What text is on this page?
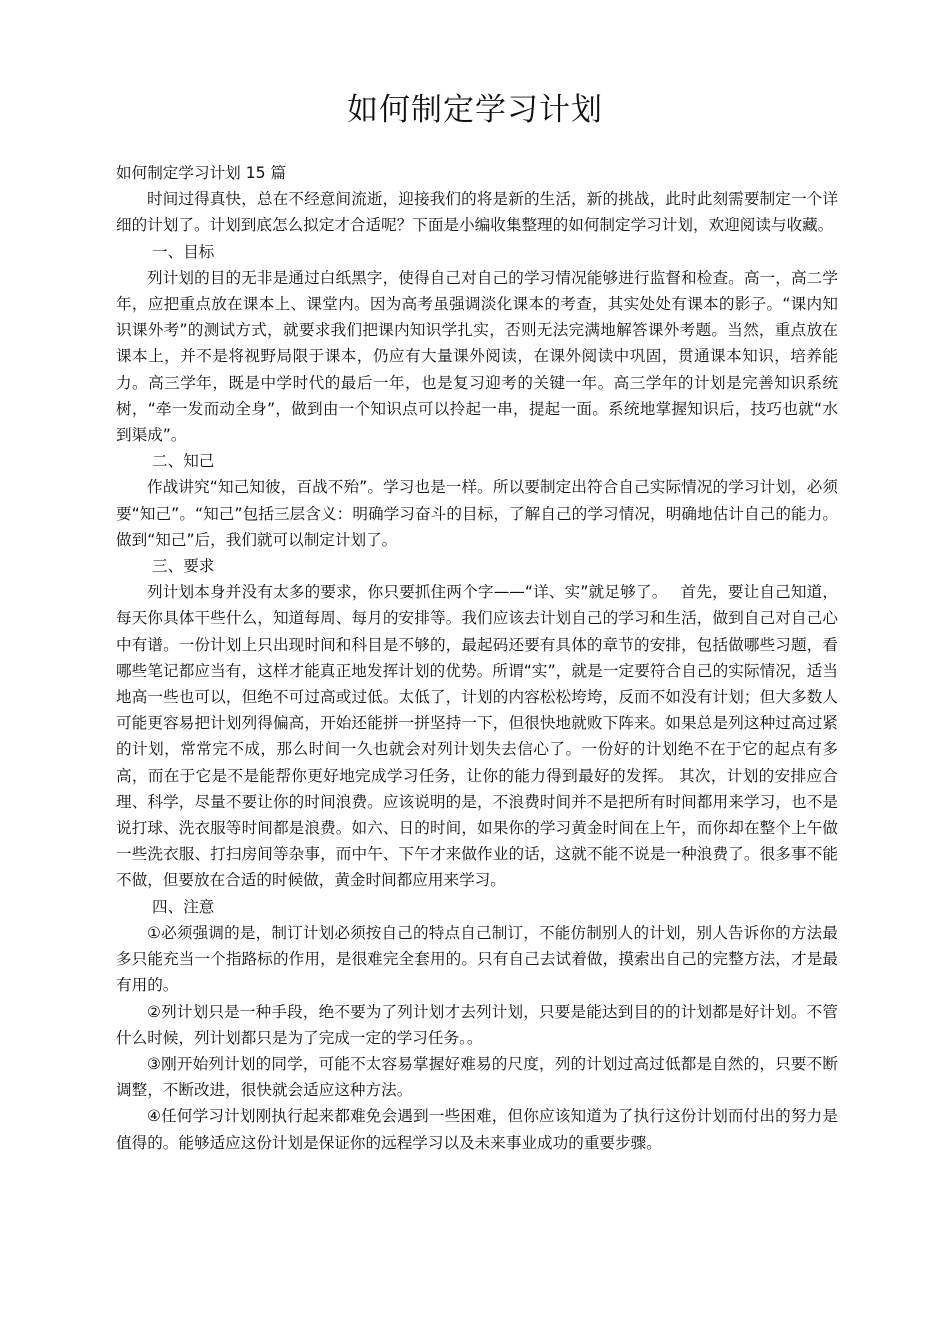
如何制定学习计划

如何制定学习计划 15 篇

时间过得真快，总在不经意间流逝，迎接我们的将是新的生活，新的挑战，此时此刻需要制定一个详细的计划了。计划到底怎么拟定才合适呢？下面是小编收集整理的如何制定学习计划，欢迎阅读与收藏。

一、目标

列计划的目的无非是通过白纸黑字，使得自己对自己的学习情况能够进行监督和检查。高一，高二学年，应把重点放在课本上、课堂内。因为高考虽强调淡化课本的考查，其实处处有课本的影子。“课内知识课外考”的测试方式，就要求我们把课内知识学扎实，否则无法完满地解答课外考题。当然，重点放在课本上，并不是将视野局限于课本，仍应有大量课外阅读，在课外阅读中巩固，贯通课本知识，培养能力。高三学年，既是中学时代的最后一年，也是复习迎考的关键一年。高三学年的计划是完善知识系统树，“牵一发而动全身”，做到由一个知识点可以拎起一串，提起一面。系统地掌握知识后，技巧也就“水到渠成”。

二、知己

作战讲究“知己知彼，百战不殆”。学习也是一样。所以要制定出符合自己实际情况的学习计划，必须要“知己”。“知己”包括三层含义：明确学习奋斗的目标，了解自己的学习情况，明确地估计自己的能力。做到“知己”后，我们就可以制定计划了。

三、要求

列计划本身并没有太多的要求，你只要抓住两个字——“详、实”就足够了。　 首先，要让自己知道，每天你具体干些什么，知道每周、每月的安排等。我们应该去计划自己的学习和生活，做到自己对自己心中有谱。一份计划上只出现时间和科目是不够的，最起码还要有具体的章节的安排，包括做哪些习题，看哪些笔记都应当有，这样才能真正地发挥计划的优势。所谓“实”，就是一定要符合自己的实际情况，适当地高一些也可以，但绝不可过高或过低。太低了，计划的内容松松垮垮，反而不如没有计划；但大多数人可能更容易把计划列得偏高，开始还能拼一拼坚持一下，但很快地就败下阵来。如果总是列这种过高过紧的计划，常常完不成，那么时间一久也就会对列计划失去信心了。一份好的计划绝不在于它的起点有多高，而在于它是不是能帮你更好地完成学习任务，让你的能力得到最好的发挥。 其次，计划的安排应合理、科学，尽量不要让你的时间浪费。应该说明的是，不浪费时间并不是把所有时间都用来学习，也不是说打球、洗衣服等时间都是浪费。如六、日的时间，如果你的学习黄金时间在上午，而你却在整个上午做一些洗衣服、打扫房间等杂事，而中午、下午才来做作业的话，这就不能不说是一种浪费了。很多事不能不做，但要放在合适的时候做，黄金时间都应用来学习。

四、注意

①必须强调的是，制订计划必须按自己的特点自己制订，不能仿制别人的计划，别人告诉你的方法最多只能充当一个指路标的作用，是很难完全套用的。只有自己去试着做，摸索出自己的完整方法，才是最有用的。

②列计划只是一种手段，绝不要为了列计划才去列计划，只要是能达到目的的计划都是好计划。不管什么时候，列计划都只是为了完成一定的学习任务。。

③刚开始列计划的同学，可能不太容易掌握好难易的尺度，列的计划过高过低都是自然的，只要不断调整，不断改进，很快就会适应这种方法。

④任何学习计划刚执行起来都难免会遇到一些困难，但你应该知道为了执行这份计划而付出的努力是值得的。能够适应这份计划是保证你的远程学习以及未来事业成功的重要步骤。
